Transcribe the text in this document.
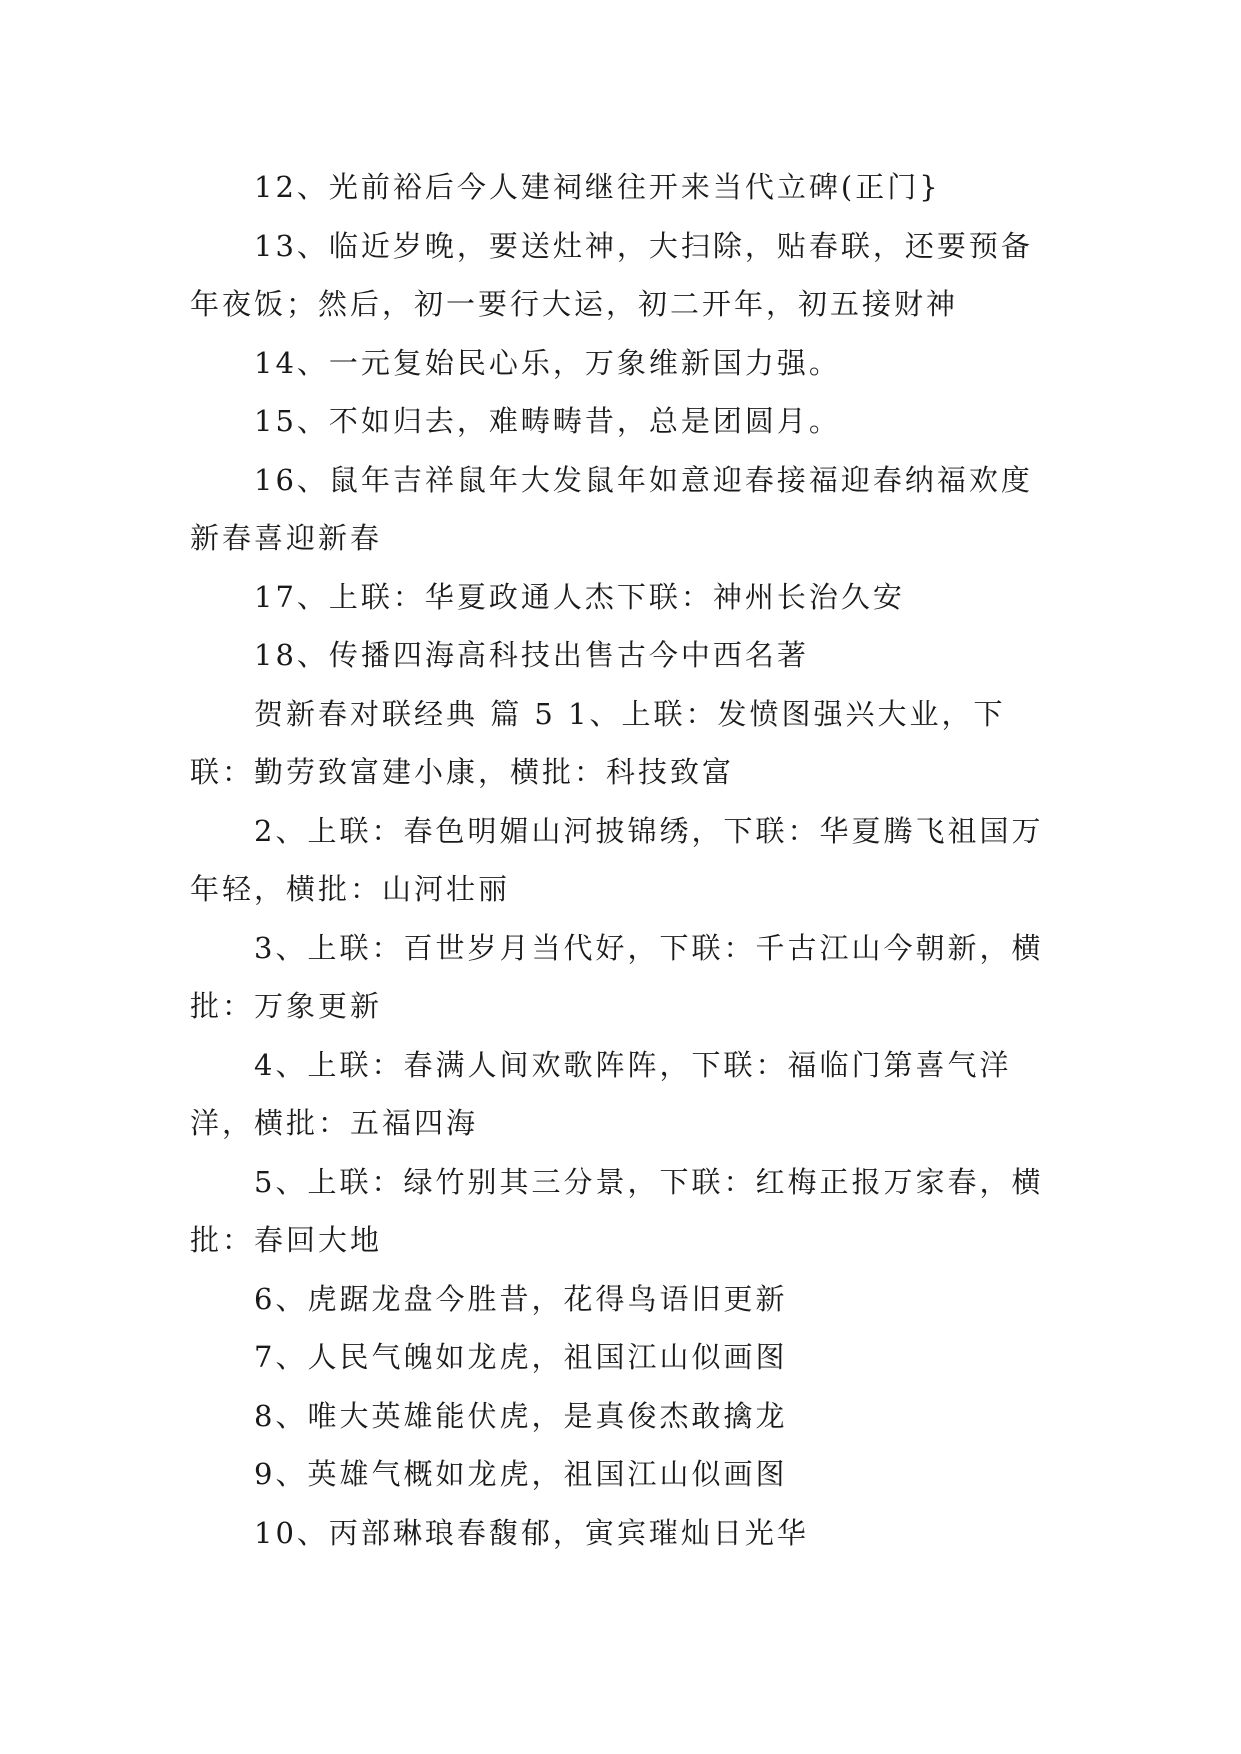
12、光前裕后今人建祠继往开来当代立碑(正门}

13、临近岁晚，要送灶神，大扫除，贴春联，还要预备年夜饭；然后，初一要行大运，初二开年，初五接财神

14、一元复始民心乐，万象维新国力强。

15、不如归去，难畴畴昔，总是团圆月。

16、鼠年吉祥鼠年大发鼠年如意迎春接福迎春纳福欢度新春喜迎新春

17、上联：华夏政通人杰下联：神州长治久安

18、传播四海高科技出售古今中西名著

贺新春对联经典 篇 5 1、上联：发愤图强兴大业，下联：勤劳致富建小康，横批：科技致富

2、上联：春色明媚山河披锦绣，下联：华夏腾飞祖国万年轻，横批：山河壮丽

3、上联：百世岁月当代好，下联：千古江山今朝新，横批：万象更新

4、上联：春满人间欢歌阵阵，下联：福临门第喜气洋洋，横批：五福四海

5、上联：绿竹别其三分景，下联：红梅正报万家春，横批：春回大地

6、虎踞龙盘今胜昔，花得鸟语旧更新

7、人民气魄如龙虎，祖国江山似画图

8、唯大英雄能伏虎，是真俊杰敢擒龙

9、英雄气概如龙虎，祖国江山似画图

10、丙部琳琅春馥郁，寅宾璀灿日光华
